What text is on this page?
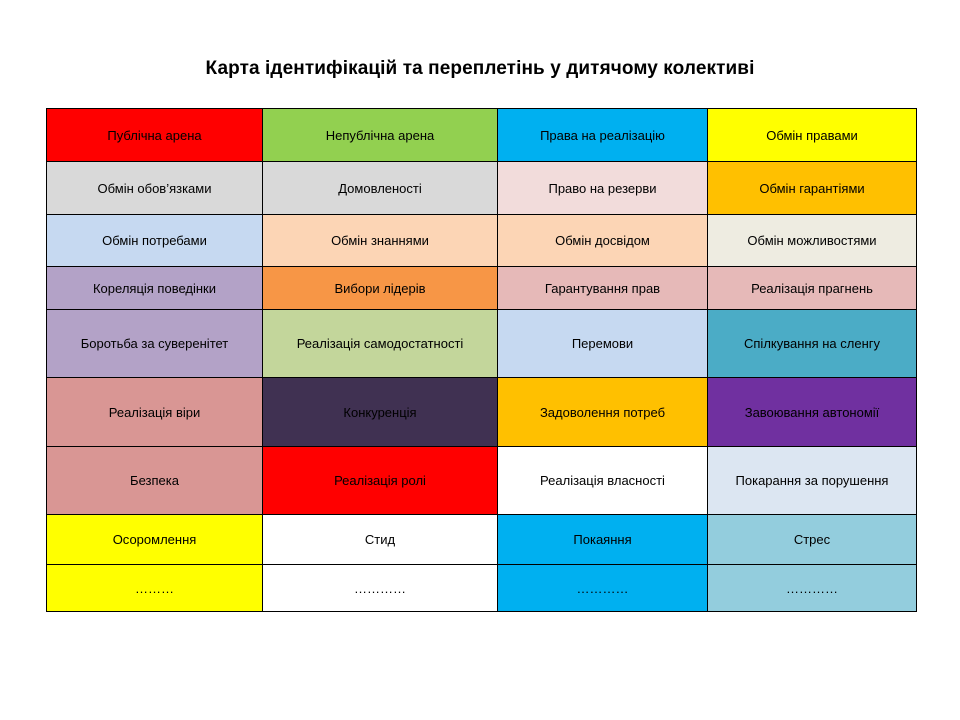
Карта ідентифікацій та переплетінь у дитячому колективі
Публічна арена	Непублічна арена	Права на реалізацію	Обмін правами
Обмін обов’язками	Домовленості	Право на резерви	Обмін гарантіями
Обмін потребами	Обмін знаннями	Обмін досвідом	Обмін можливостями
Кореляція поведінки	Вибори лідерів	Гарантування прав	Реалізація прагнень
Боротьба за суверенітет	Реалізація самодостатності	Перемови	Спілкування на сленгу
Реалізація віри	Конкуренція	Задоволення потреб	Завоювання автономії
Безпека	Реалізація ролі	Реалізація власності	Покарання за порушення
Осоромлення	Стид	Покаяння	Стрес
………	…………	…………	…………
